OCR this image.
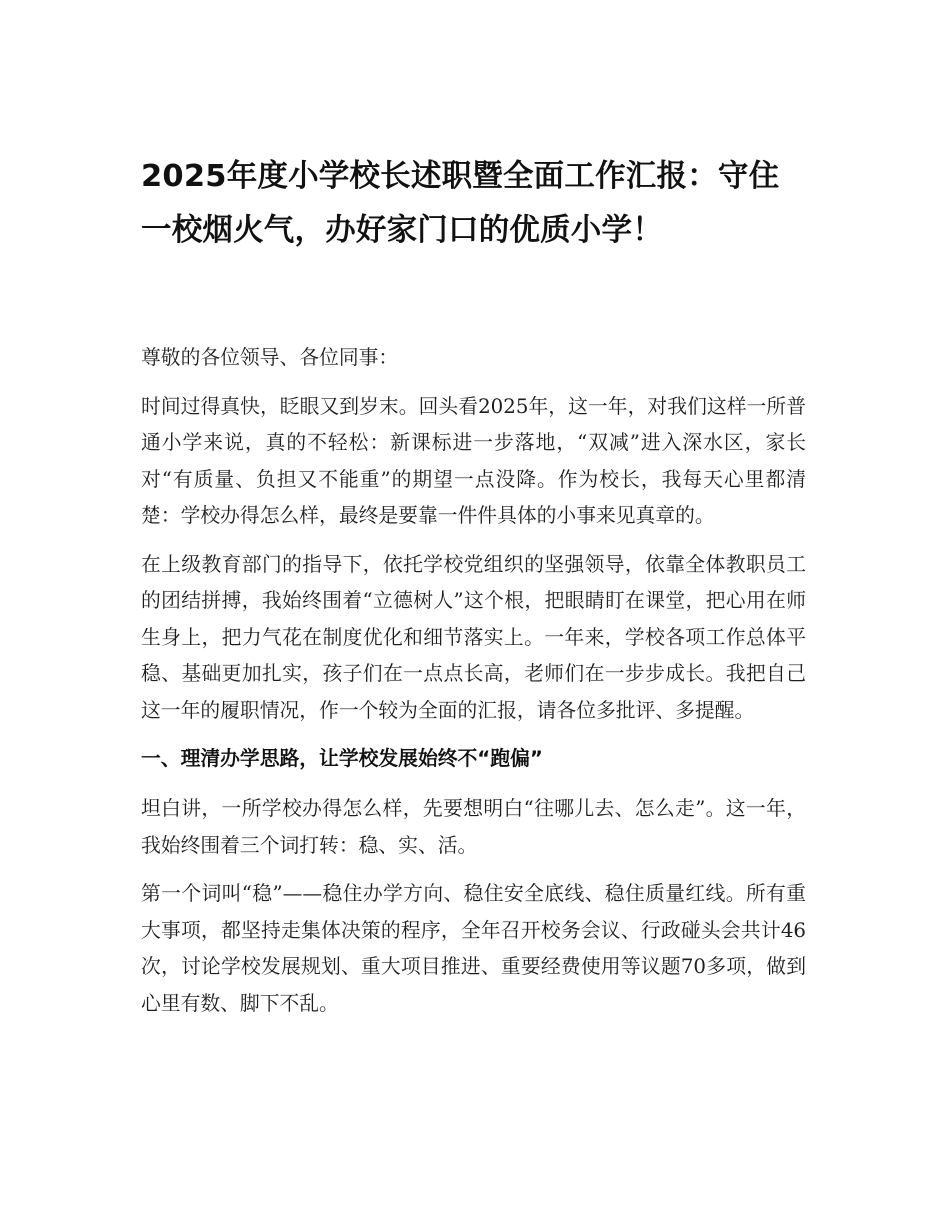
2025年度小学校长述职暨全面工作汇报：守住一校烟火气，办好家门口的优质小学！

尊敬的各位领导、各位同事：

时间过得真快，眨眼又到岁末。回头看2025年，这一年，对我们这样一所普通小学来说，真的不轻松：新课标进一步落地，“双减”进入深水区，家长对“有质量、负担又不能重”的期望一点没降。作为校长，我每天心里都清楚：学校办得怎么样，最终是要靠一件件具体的小事来见真章的。

在上级教育部门的指导下，依托学校党组织的坚强领导，依靠全体教职员工的团结拼搏，我始终围着“立德树人”这个根，把眼睛盯在课堂，把心用在师生身上，把力气花在制度优化和细节落实上。一年来，学校各项工作总体平稳、基础更加扎实，孩子们在一点点长高，老师们在一步步成长。我把自己这一年的履职情况，作一个较为全面的汇报，请各位多批评、多提醒。

一、理清办学思路，让学校发展始终不“跑偏”

坦白讲，一所学校办得怎么样，先要想明白“往哪儿去、怎么走”。这一年，我始终围着三个词打转：稳、实、活。

第一个词叫“稳”——稳住办学方向、稳住安全底线、稳住质量红线。所有重大事项，都坚持走集体决策的程序，全年召开校务会议、行政碰头会共计46次，讨论学校发展规划、重大项目推进、重要经费使用等议题70多项，做到心里有数、脚下不乱。
